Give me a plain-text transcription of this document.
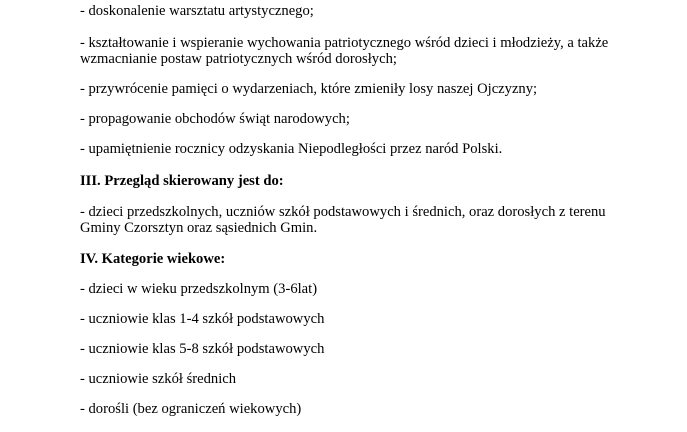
- doskonalenie warsztatu artystycznego;
- kształtowanie i wspieranie wychowania patriotycznego wśród dzieci i młodzieży, a także
wzmacnianie postaw patriotycznych wśród dorosłych;
- przywrócenie pamięci o wydarzeniach, które zmieniły losy naszej Ojczyzny;
- propagowanie obchodów świąt narodowych;
- upamiętnienie rocznicy odzyskania Niepodległości przez naród Polski.
III. Przegląd skierowany jest do:
- dzieci przedszkolnych, uczniów szkół podstawowych i średnich, oraz dorosłych z terenu
Gminy Czorsztyn oraz sąsiednich Gmin.
IV. Kategorie wiekowe:
- dzieci w wieku przedszkolnym (3-6lat)
- uczniowie klas 1-4 szkół podstawowych
- uczniowie klas 5-8 szkół podstawowych
- uczniowie szkół średnich
- dorośli (bez ograniczeń wiekowych)
